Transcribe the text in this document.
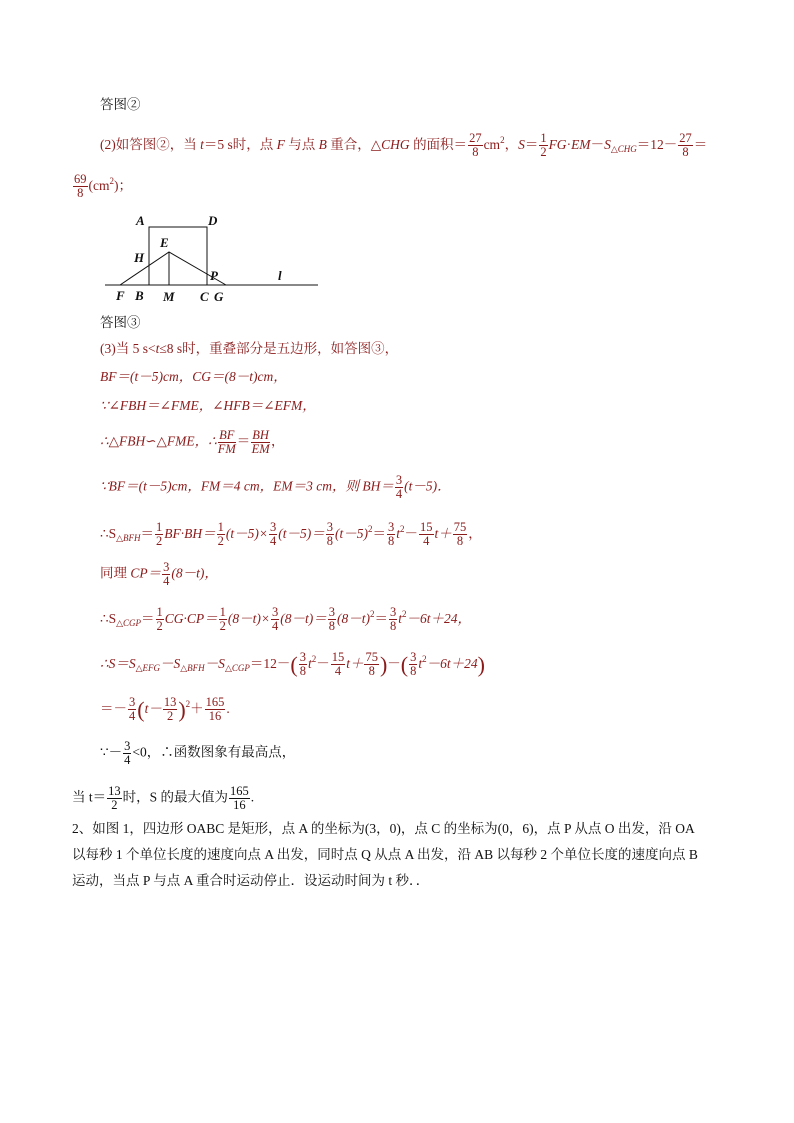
答图②
(2)如答图②，当 t＝5 s时，点 F 与点 B 重合，△CHG 的面积＝ $\frac{27}{8} cm^2$，$S= \frac{1}{2} FG\cdot EM-S_{\triangle CHG}=12- \frac{27}{8}$ ＝
$\frac{69}{8} (cm^2)$；
A	D
E
H
P	l
F B M C G
答图③
(3)当 5 s<t≤8 s时，重叠部分是五边形，如答图③，
BF＝(t－5)cm，CG＝(8－t)cm，
∵∠FBH＝∠FME，∠HFB＝∠EFM，
∴△FBH∽△FME，∴ $\frac{BF}{FM} = \frac{BH}{EM}$ ，
∵BF＝(t－5)cm，FM＝4 cm，EM＝3 cm，则 $BH= \frac{3}{4} (t-5)$．
$\therefore S_{\triangle BFH}= \frac{1}{2} BF\cdot BH= \frac{1}{2} (t-5)\times \frac{3}{4} (t-5)= \frac{3}{8} (t-5)^2= \frac{3}{8} t^2- \frac{15}{4} t+ \frac{75}{8}$ ，
同理 $CP= \frac{3}{4} (8-t)$，
$\therefore S_{\triangle CGP}= \frac{1}{2} CG\cdot CP= \frac{1}{2} (8-t)\times \frac{3}{4} (8-t)= \frac{3}{8} (8-t)^2= \frac{3}{8} t^2-6t+24$，
$\therefore S=S_{\triangle EFG}-S_{\triangle BFH}-S_{\triangle CGP}=12-( \frac{3}{8} t^2- \frac{15}{4} t+ \frac{75}{8}$ )－( $\frac{3}{8} t^2-6t+24$)
＝－ $\frac{3}{4} (t- \frac{13}{2} )^2+ \frac{165}{16}$ .
∵－ $\frac{3}{4} <0$，∴函数图象有最高点，
当 $t= \frac{13}{2}$ 时，S 的最大值为 $\frac{165}{16}$ .
2、如图 1，四边形 OABC 是矩形，点 A 的坐标为(3，0)，点 C 的坐标为(0，6)，点 P 从点 O 出发，沿 OA
以每秒 1 个单位长度的速度向点 A 出发，同时点 Q 从点 A 出发，沿 AB 以每秒 2 个单位长度的速度向点 B
运动，当点 P 与点 A 重合时运动停止．设运动时间为 t 秒．．
